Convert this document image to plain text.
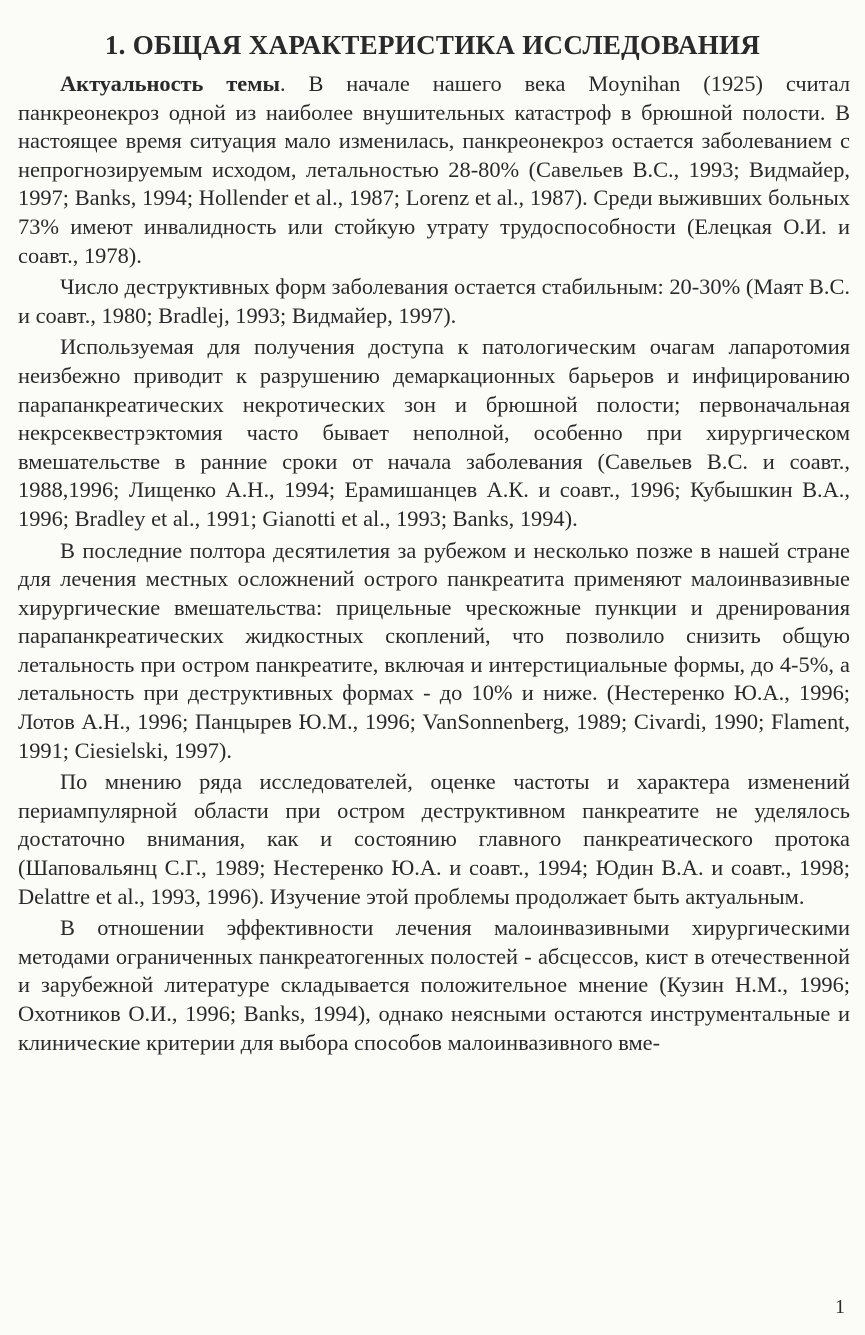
1. ОБЩАЯ ХАРАКТЕРИСТИКА ИССЛЕДОВАНИЯ

Актуальность темы. В начале нашего века Moynihan (1925) считал панкреонекроз одной из наиболее внушительных катастроф в брюшной полости. В настоящее время ситуация мало изменилась, панкреонекроз остается заболеванием с непрогнозируемым исходом, летальностью 28-80% (Савельев В.С., 1993; Видмайер, 1997; Banks, 1994; Hollender et al., 1987; Lorenz et al., 1987). Среди выживших больных 73% имеют инвалидность или стойкую утрату трудоспособности (Елецкая О.И. и соавт., 1978).

Число деструктивных форм заболевания остается стабильным: 20-30% (Маят В.С. и соавт., 1980; Bradlej, 1993; Видмайер, 1997).

Используемая для получения доступа к патологическим очагам лапаротомия неизбежно приводит к разрушению демаркационных барьеров и инфицированию парапанкреатических некротических зон и брюшной полости; первоначальная некрсеквестрэктомия часто бывает неполной, особенно при хирургическом вмешательстве в ранние сроки от начала заболевания (Савельев В.С. и соавт., 1988,1996; Лищенко А.Н., 1994; Ерамишанцев А.К. и соавт., 1996; Кубышкин В.А., 1996; Bradley et al., 1991; Gianotti et al., 1993; Banks, 1994).

В последние полтора десятилетия за рубежом и несколько позже в нашей стране для лечения местных осложнений острого панкреатита применяют малоинвазивные хирургические вмешательства: прицельные чрескожные пункции и дренирования парапанкреатических жидкостных скоплений, что позволило снизить общую летальность при остром панкреатите, включая и интерстициальные формы, до 4-5%, а летальность при деструктивных формах - до 10% и ниже. (Нестеренко Ю.А., 1996; Лотов А.Н., 1996; Панцырев Ю.М., 1996; VanSonnenberg, 1989; Civardi, 1990; Flament, 1991; Ciesielski, 1997).

По мнению ряда исследователей, оценке частоты и характера изменений периампулярной области при остром деструктивном панкреатите не уделялось достаточно внимания, как и состоянию главного панкреатического протока (Шаповальянц С.Г., 1989; Нестеренко Ю.А. и соавт., 1994; Юдин В.А. и соавт., 1998; Delattre et al., 1993, 1996). Изучение этой проблемы продолжает быть актуальным.

В отношении эффективности лечения малоинвазивными хирургическими методами ограниченных панкреатогенных полостей - абсцессов, кист в отечественной и зарубежной литературе складывается положительное мнение (Кузин Н.М., 1996; Охотников О.И., 1996; Banks, 1994), однако неясными остаются инструментальные и клинические критерии для выбора способов малоинвазивного вме-

1
